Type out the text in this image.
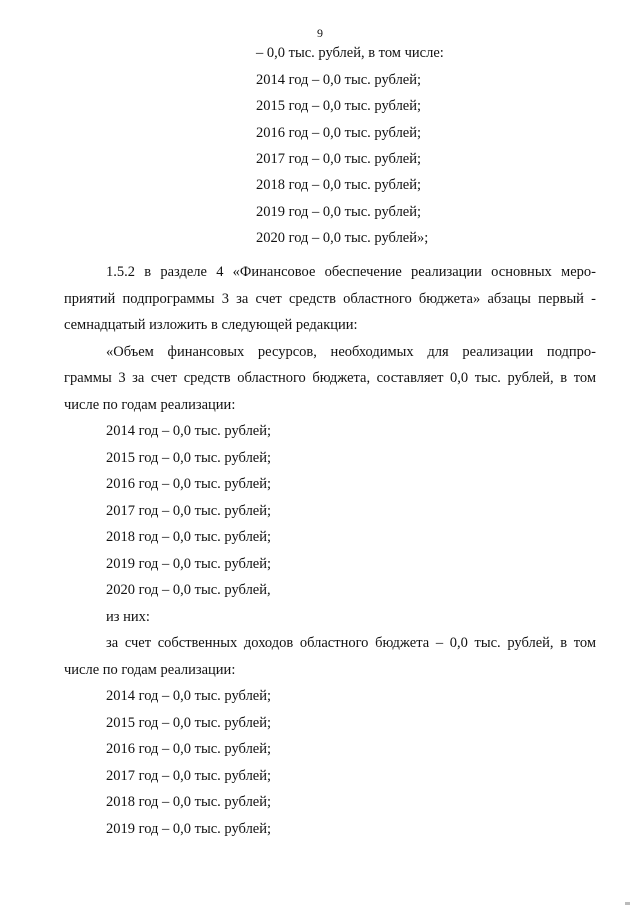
9
– 0,0 тыс. рублей, в том числе:
2014 год – 0,0 тыс. рублей;
2015 год – 0,0 тыс. рублей;
2016 год – 0,0 тыс. рублей;
2017 год – 0,0 тыс. рублей;
2018 год – 0,0 тыс. рублей;
2019 год – 0,0 тыс. рублей;
2020 год – 0,0 тыс. рублей»;
1.5.2 в разделе 4 «Финансовое обеспечение реализации основных меро-
приятий подпрограммы 3 за счет средств областного бюджета» абзацы первый -
семнадцатый изложить в следующей редакции:
«Объем финансовых ресурсов, необходимых для реализации подпро-
граммы 3 за счет средств областного бюджета, составляет 0,0 тыс. рублей, в том
числе по годам реализации:
2014 год – 0,0 тыс. рублей;
2015 год – 0,0 тыс. рублей;
2016 год – 0,0 тыс. рублей;
2017 год – 0,0 тыс. рублей;
2018 год – 0,0 тыс. рублей;
2019 год – 0,0 тыс. рублей;
2020 год – 0,0 тыс. рублей,
из них:
за счет собственных доходов областного бюджета – 0,0 тыс. рублей, в том
числе по годам реализации:
2014 год – 0,0 тыс. рублей;
2015 год – 0,0 тыс. рублей;
2016 год – 0,0 тыс. рублей;
2017 год – 0,0 тыс. рублей;
2018 год – 0,0 тыс. рублей;
2019 год – 0,0 тыс. рублей;
